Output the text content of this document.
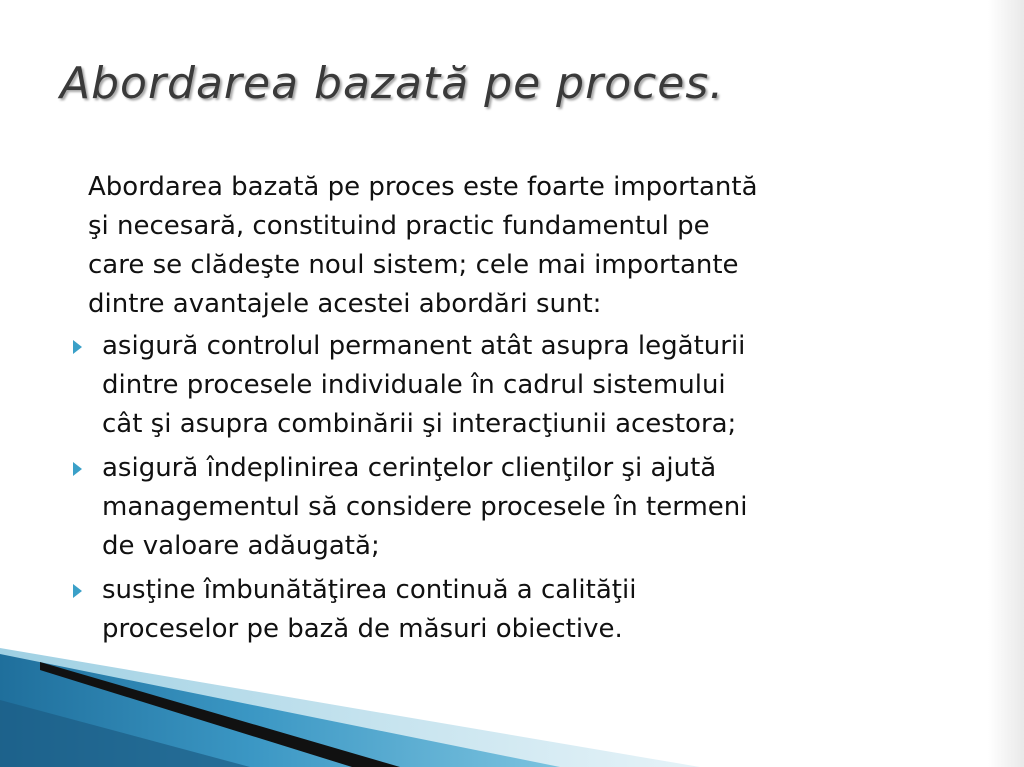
Abordarea bazată pe proces.
Abordarea bazată pe proces este foarte importantă
şi necesară, constituind practic fundamentul pe
care se clădeşte noul sistem; cele mai importante
dintre avantajele acestei abordări sunt:
asigură controlul permanent atât asupra legăturii
dintre procesele individuale în cadrul sistemului
cât şi asupra combinării şi interacţiunii acestora;
asigură îndeplinirea cerinţelor clienţilor şi ajută
managementul să considere procesele în termeni
de valoare adăugată;
susţine îmbunătăţirea continuă a calităţii
proceselor pe bază de măsuri obiective.
